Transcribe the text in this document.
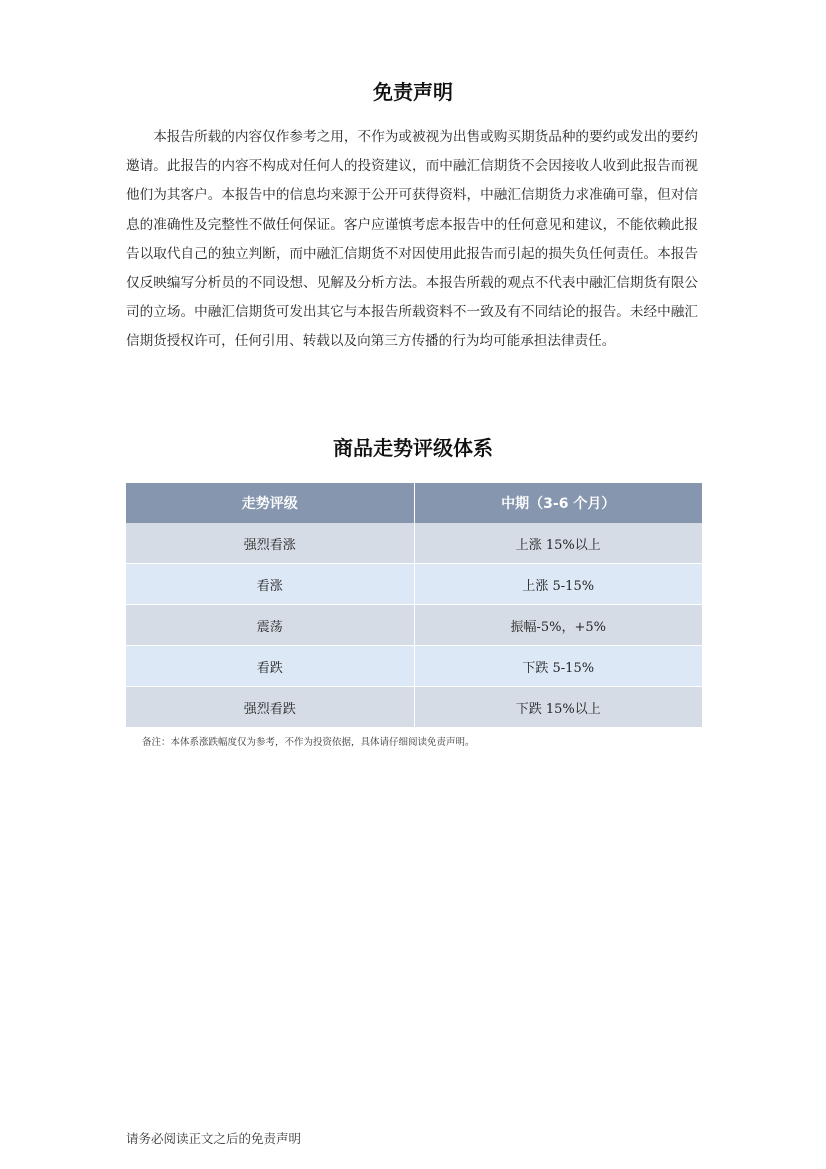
免责声明

本报告所载的内容仅作参考之用，不作为或被视为出售或购买期货品种的要约或发出的要约邀请。此报告的内容不构成对任何人的投资建议，而中融汇信期货不会因接收人收到此报告而视他们为其客户。本报告中的信息均来源于公开可获得资料，中融汇信期货力求准确可靠，但对信息的准确性及完整性不做任何保证。客户应谨慎考虑本报告中的任何意见和建议，不能依赖此报告以取代自己的独立判断，而中融汇信期货不对因使用此报告而引起的损失负任何责任。本报告仅反映编写分析员的不同设想、见解及分析方法。本报告所载的观点不代表中融汇信期货有限公司的立场。中融汇信期货可发出其它与本报告所载资料不一致及有不同结论的报告。未经中融汇信期货授权许可，任何引用、转载以及向第三方传播的行为均可能承担法律责任。

商品走势评级体系
走势评级	中期（3-6 个月）
强烈看涨	上涨 15%以上
看涨	上涨 5-15%
震荡	振幅-5%，+5%
看跌	下跌 5-15%
强烈看跌	下跌 15%以上

备注：本体系涨跌幅度仅为参考，不作为投资依据，具体请仔细阅读免责声明。

请务必阅读正文之后的免责声明
